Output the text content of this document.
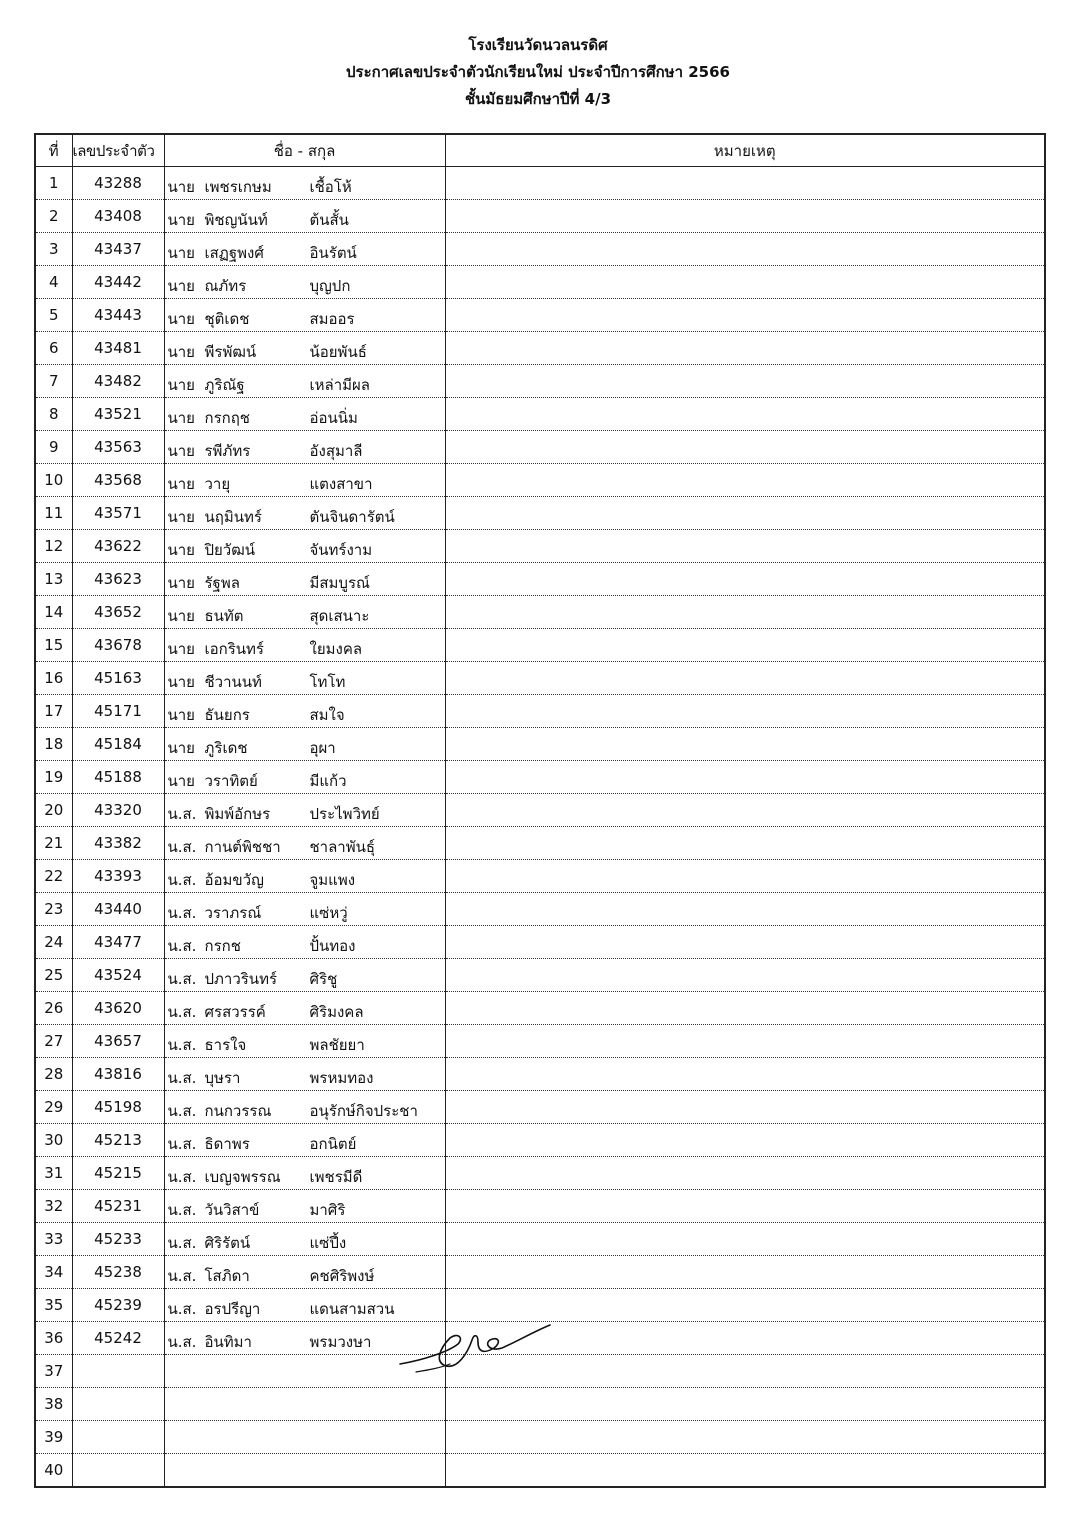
โรงเรียนวัดนวลนรดิศ
ประกาศเลขประจำตัวนักเรียนใหม่ ประจำปีการศึกษา 2566
ชั้นมัธยมศึกษาปีที่ 4/3
ที่	เลขประจำตัว	ชื่อ - สกุล	หมายเหตุ
1	43288	นาย เพชรเกษม เชื้อโห้	

2	43408	นาย พิชญนันท์ ต้นสั้น	

3	43437	นาย เสฏฐพงศ์ อินรัตน์	

4	43442	นาย ณภัทร บุญปก	

5	43443	นาย ชุติเดช สมออร	

6	43481	นาย พีรพัฒน์ น้อยพันธ์	

7	43482	นาย ภูริณัฐ เหล่ามีผล	

8	43521	นาย กรกฤช อ่อนนิ่ม	

9	43563	นาย รพีภัทร อังสุมาลี	

10	43568	นาย วายุ แตงสาขา	

11	43571	นาย นฤมินทร์ ตันจินดารัตน์	

12	43622	นาย ปิยวัฒน์ จันทร์งาม	

13	43623	นาย รัฐพล มีสมบูรณ์	

14	43652	นาย ธนทัต สุดเสนาะ	

15	43678	นาย เอกรินทร์ ใยมงคล	

16	45163	นาย ชีวานนท์ โทโท	

17	45171	นาย ธันยกร สมใจ	

18	45184	นาย ภูริเดช อุผา	

19	45188	นาย วราทิตย์ มีแก้ว	

20	43320	น.ส. พิมพ์อักษร ประไพวิทย์	

21	43382	น.ส. กานต์พิชชา ชาลาพันธุ์	

22	43393	น.ส. อ้อมขวัญ จูมแพง	

23	43440	น.ส. วราภรณ์ แซ่หวู่	

24	43477	น.ส. กรกช ปั้นทอง	

25	43524	น.ส. ปภาวรินทร์ ศิริชู	

26	43620	น.ส. ศรสวรรค์ ศิริมงคล	

27	43657	น.ส. ธารใจ พลชัยยา	

28	43816	น.ส. บุษรา พรหมทอง	

29	45198	น.ส. กนกวรรณ อนุรักษ์กิจประชา	

30	45213	น.ส. ธิดาพร อกนิตย์	

31	45215	น.ส. เบญจพรรณ เพชรมีดี	

32	45231	น.ส. วันวิสาข์ มาศิริ	

33	45233	น.ส. ศิริรัตน์ แซ่ปึ้ง	

34	45238	น.ส. โสภิดา คชศิริพงษ์	

35	45239	น.ส. อรปรีญา แดนสามสวน	

36	45242	น.ส. อินทิมา พรมวงษา	

37		

38		

39		

40		
